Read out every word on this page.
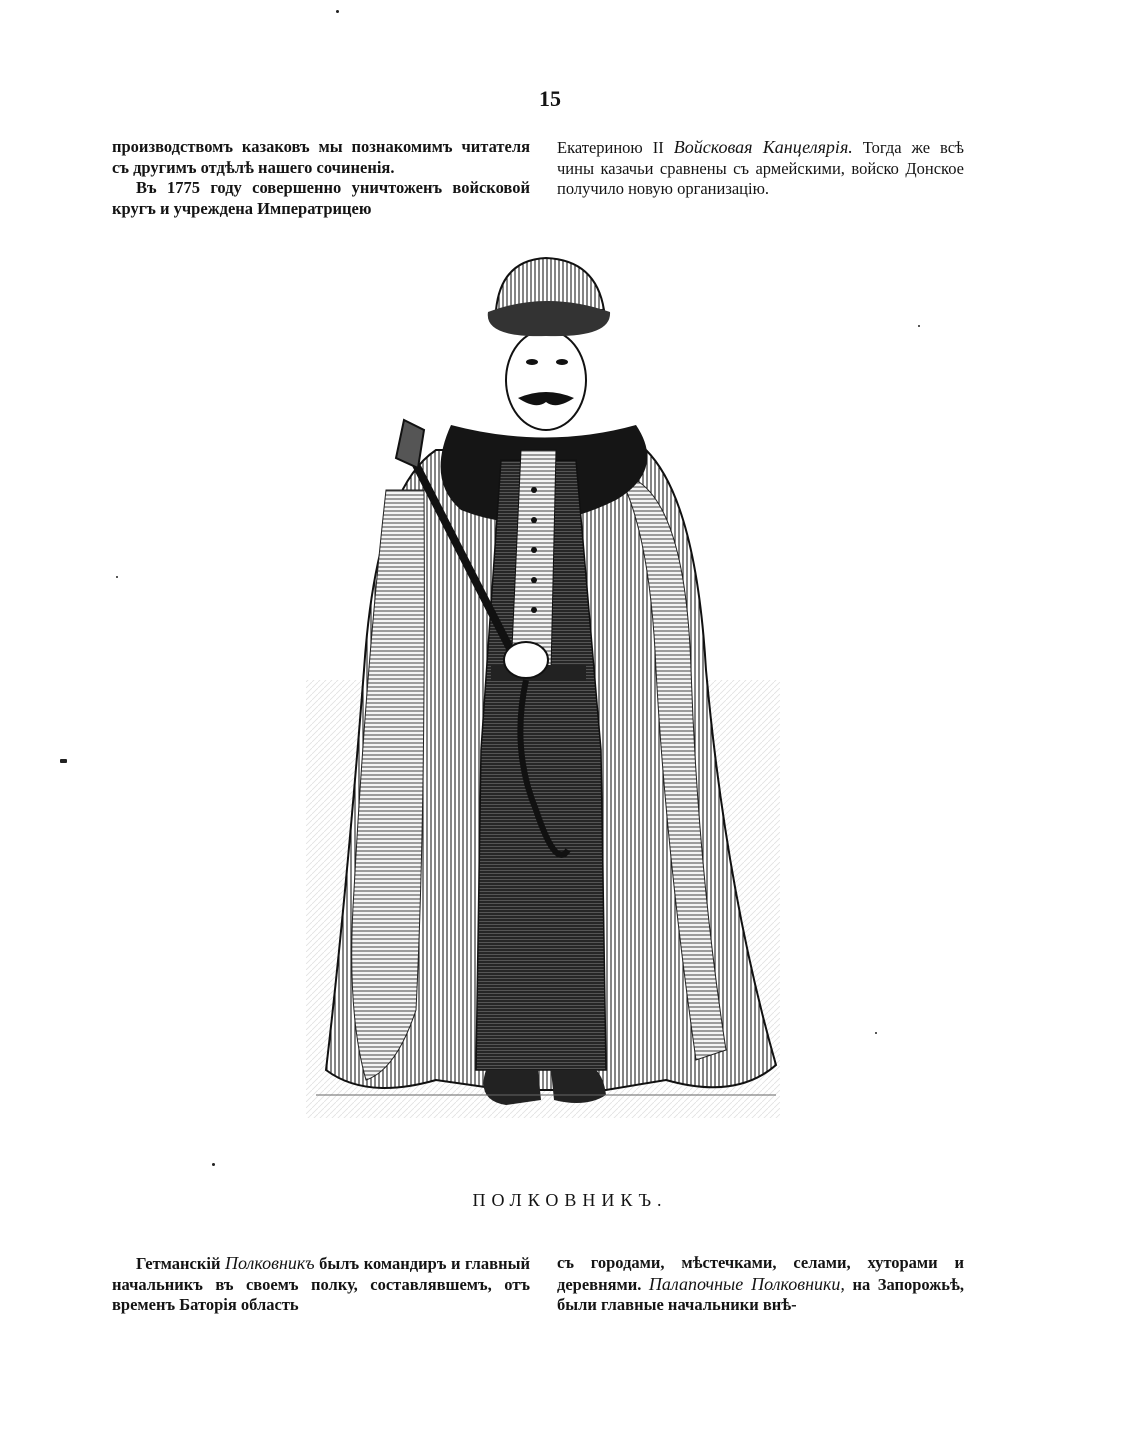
15

производствомъ казаковъ мы познакомимъ читателя съ другимъ отдѣлѣ нашего сочиненія.

Въ 1775 году совершенно уничтоженъ войсковой кругъ и учреждена Императрицею

Екатериною II Войсковая Канцелярія. Тогда же всѣ чины казачьи сравнены съ армейскими, войско Донское получило новую организацію.

ПОЛКОВНИКЪ.

Гетманскій Полковникъ былъ командиръ и главный начальникъ въ своемъ полку, составлявшемъ, отъ временъ Баторія область

съ городами, мѣстечками, селами, хуторами и деревнями. Палапочные Полковники, на Запорожьѣ, были главные начальники внѣ-
